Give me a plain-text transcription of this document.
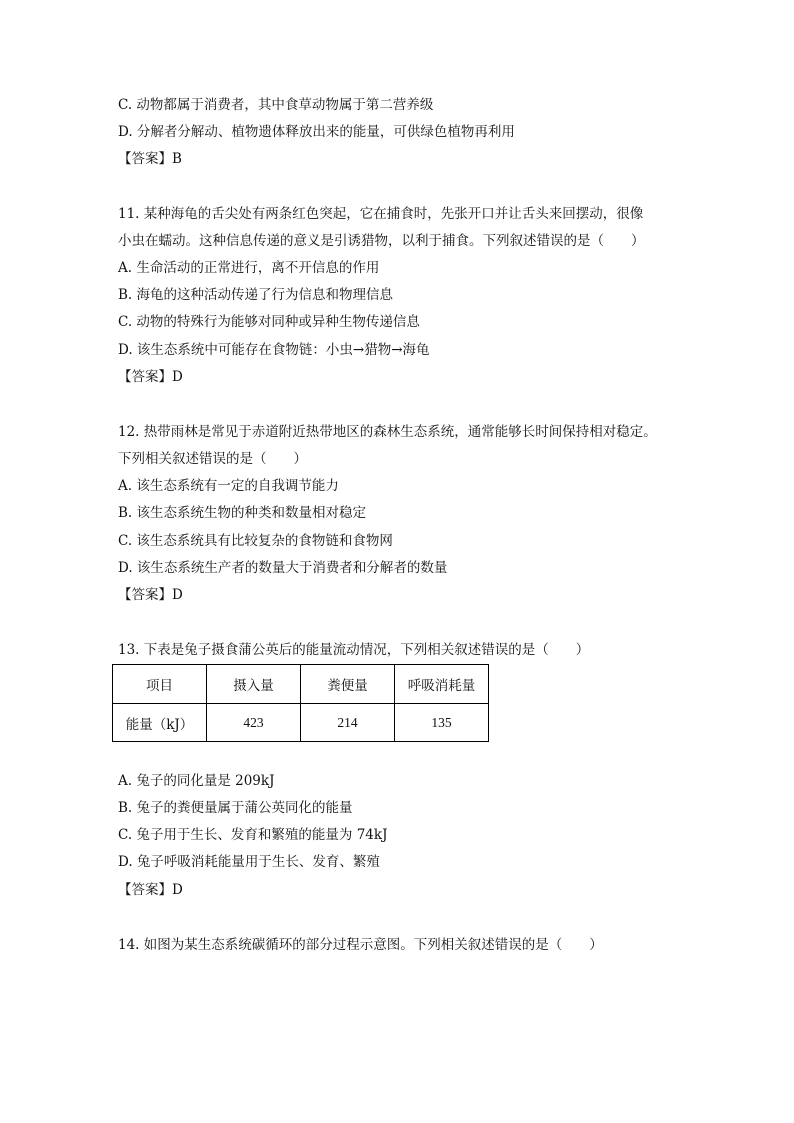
C. 动物都属于消费者，其中食草动物属于第二营养级
D. 分解者分解动、植物遗体释放出来的能量，可供绿色植物再利用
【答案】B
11. 某种海龟的舌尖处有两条红色突起，它在捕食时，先张开口并让舌头来回摆动，很像
小虫在蠕动。这种信息传递的意义是引诱猎物，以利于捕食。下列叙述错误的是（　　）
A. 生命活动的正常进行，离不开信息的作用
B. 海龟的这种活动传递了行为信息和物理信息
C. 动物的特殊行为能够对同种或异种生物传递信息
D. 该生态系统中可能存在食物链：小虫→猎物→海龟
【答案】D
12. 热带雨林是常见于赤道附近热带地区的森林生态系统，通常能够长时间保持相对稳定。
下列相关叙述错误的是（　　）
A. 该生态系统有一定的自我调节能力
B. 该生态系统生物的种类和数量相对稳定
C. 该生态系统具有比较复杂的食物链和食物网
D. 该生态系统生产者的数量大于消费者和分解者的数量
【答案】D
13. 下表是兔子摄食蒲公英后的能量流动情况，下列相关叙述错误的是（　　）
项目	摄入量	粪便量	呼吸消耗量
能量（kJ）	423	214	135
A. 兔子的同化量是 209kJ
B. 兔子的粪便量属于蒲公英同化的能量
C. 兔子用于生长、发育和繁殖的能量为 74kJ
D. 兔子呼吸消耗能量用于生长、发育、繁殖
【答案】D
14. 如图为某生态系统碳循环的部分过程示意图。下列相关叙述错误的是（　　）
